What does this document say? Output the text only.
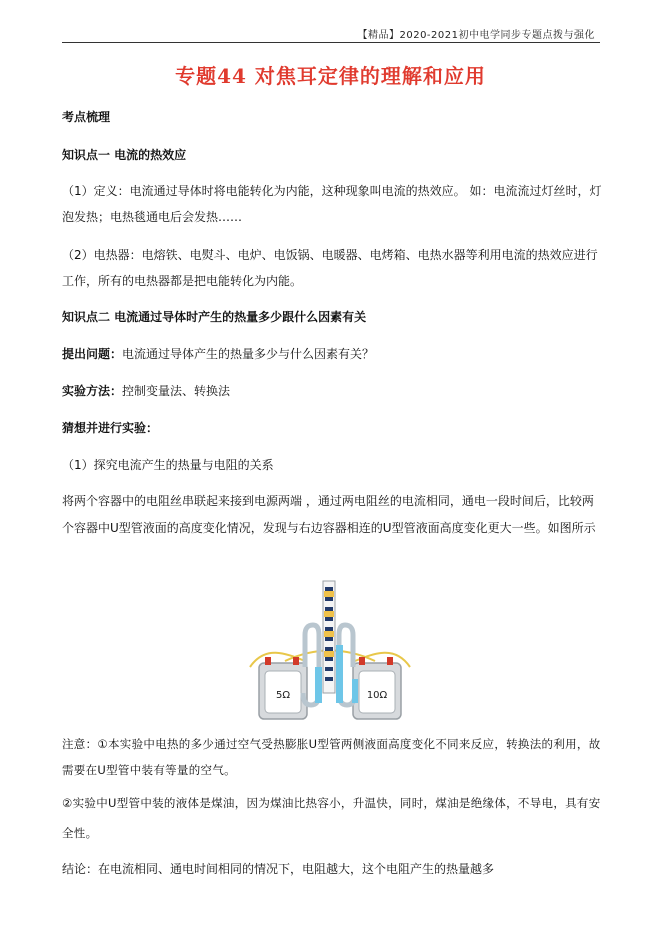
【精品】2020-2021初中电学同步专题点拨与强化
专题44 对焦耳定律的理解和应用
考点梳理
知识点一 电流的热效应
（1）定义：电流通过导体时将电能转化为内能，这种现象叫电流的热效应。 如：电流流过灯丝时，灯泡发热；电热毯通电后会发热……
（2）电热器：电熔铁、电熨斗、电炉、电饭锅、电暖器、电烤箱、电热水器等利用电流的热效应进行工作，所有的电热器都是把电能转化为内能。
知识点二 电流通过导体时产生的热量多少跟什么因素有关
提出问题：电流通过导体产生的热量多少与什么因素有关？
实验方法：控制变量法、转换法
猜想并进行实验：
（1）探究电流产生的热量与电阻的关系
将两个容器中的电阻丝串联起来接到电源两端 ，通过两电阻丝的电流相同，通电一段时间后，比较两个容器中U型管液面的高度变化情况，发现与右边容器相连的U型管液面高度变化更大一些。如图所示
5Ω	10Ω
注意：①本实验中电热的多少通过空气受热膨胀U型管两侧液面高度变化不同来反应，转换法的利用，故需要在U型管中装有等量的空气。
②实验中U型管中装的液体是煤油，因为煤油比热容小，升温快，同时，煤油是绝缘体，不导电，具有安全性。
结论：在电流相同、通电时间相同的情况下，电阻越大，这个电阻产生的热量越多
